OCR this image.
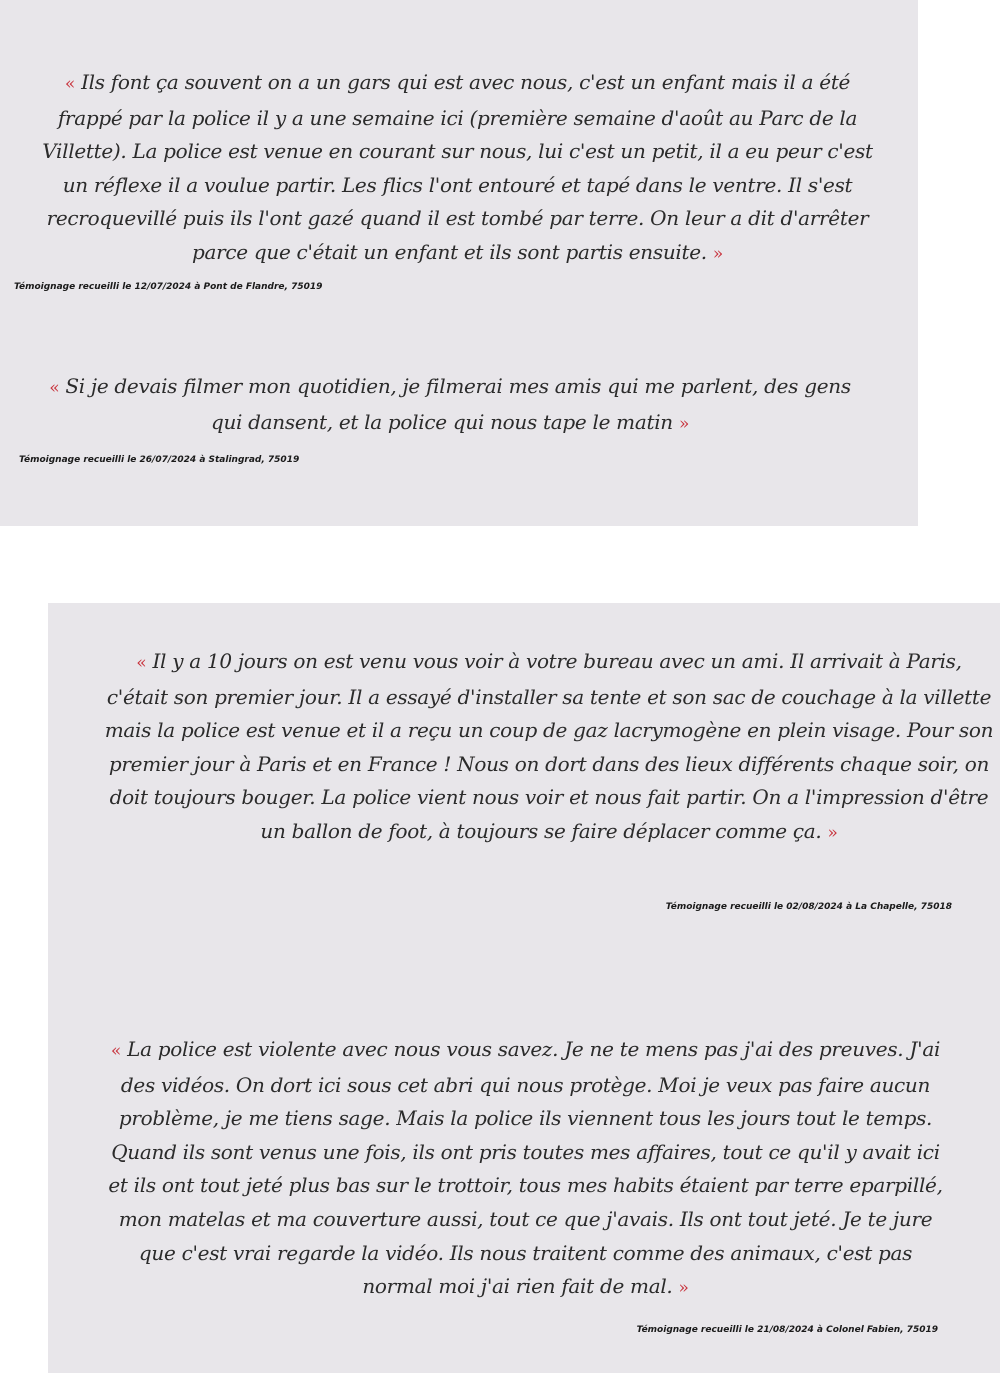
« Ils font ça souvent on a un gars qui est avec nous, c'est un enfant mais il a été frappé par la police il y a une semaine ici (première semaine d'août au Parc de la Villette). La police est venue en courant sur nous, lui c'est un petit, il a eu peur c'est un réflexe il a voulue partir. Les flics l'ont entouré et tapé dans le ventre. Il s'est recroquevillé puis ils l'ont gazé quand il est tombé par terre. On leur a dit d'arrêter parce que c'était un enfant et ils sont partis ensuite. »

Témoignage recueilli le 12/07/2024 à Pont de Flandre, 75019

« Si je devais filmer mon quotidien, je filmerai mes amis qui me parlent, des gens qui dansent, et la police qui nous tape le matin »

Témoignage recueilli le 26/07/2024 à Stalingrad, 75019

« Il y a 10 jours on est venu vous voir à votre bureau avec un ami. Il arrivait à Paris, c'était son premier jour. Il a essayé d'installer sa tente et son sac de couchage à la villette mais la police est venue et il a reçu un coup de gaz lacrymogène en plein visage. Pour son premier jour à Paris et en France ! Nous on dort dans des lieux différents chaque soir, on doit toujours bouger. La police vient nous voir et nous fait partir. On a l'impression d'être un ballon de foot, à toujours se faire déplacer comme ça. »

Témoignage recueilli le 02/08/2024 à La Chapelle, 75018

« La police est violente avec nous vous savez. Je ne te mens pas j'ai des preuves. J'ai des vidéos. On dort ici sous cet abri qui nous protège. Moi je veux pas faire aucun problème, je me tiens sage. Mais la police ils viennent tous les jours tout le temps. Quand ils sont venus une fois, ils ont pris toutes mes affaires, tout ce qu'il y avait ici et ils ont tout jeté plus bas sur le trottoir, tous mes habits étaient par terre eparpillé, mon matelas et ma couverture aussi, tout ce que j'avais. Ils ont tout jeté. Je te jure que c'est vrai regarde la vidéo. Ils nous traitent comme des animaux, c'est pas normal moi j'ai rien fait de mal. »

Témoignage recueilli le 21/08/2024 à Colonel Fabien, 75019
